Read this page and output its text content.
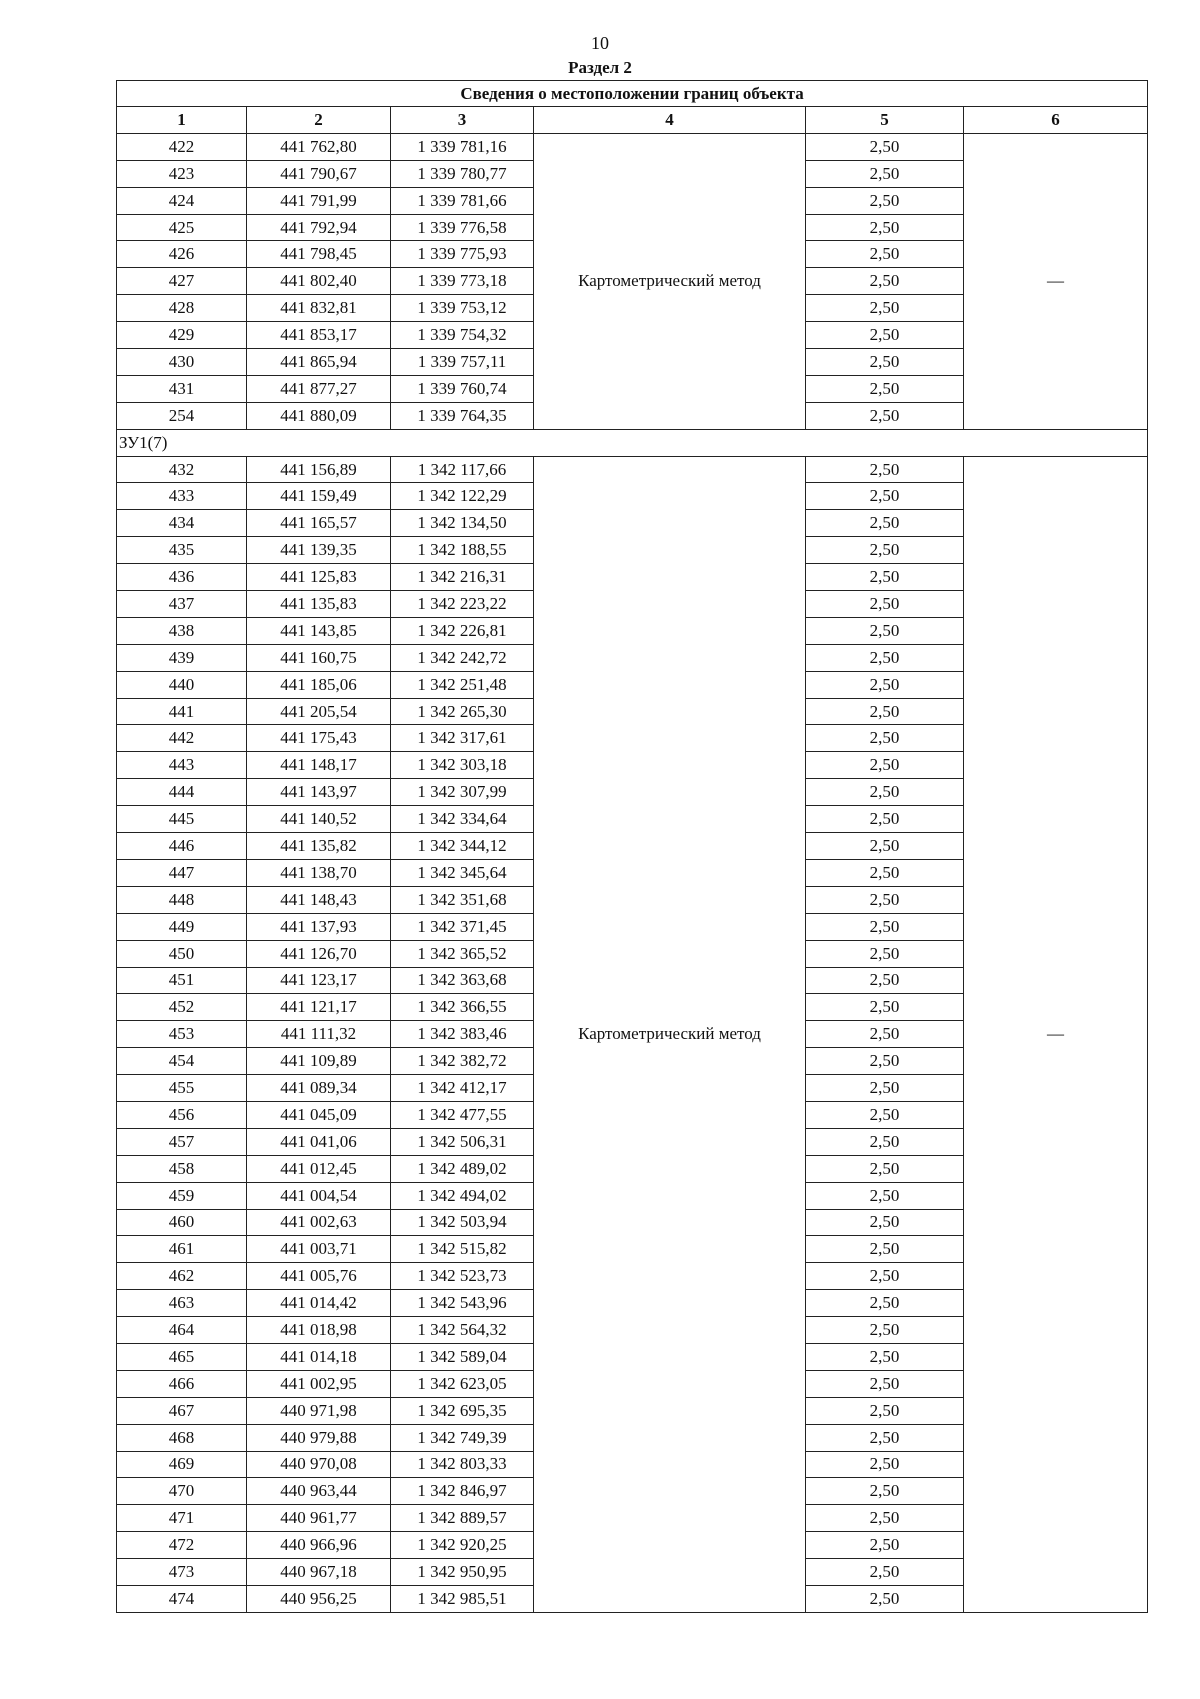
10
Раздел 2
Сведения о местоположении границ объекта					
1	2	3	4	5	6
422	441 762,80	1 339 781,16	Картометрический метод	2,50	—
423	441 790,67	1 339 780,77		2,50	
424	441 791,99	1 339 781,66		2,50	
425	441 792,94	1 339 776,58		2,50	
426	441 798,45	1 339 775,93		2,50	
427	441 802,40	1 339 773,18		2,50	
428	441 832,81	1 339 753,12		2,50	
429	441 853,17	1 339 754,32		2,50	
430	441 865,94	1 339 757,11		2,50	
431	441 877,27	1 339 760,74		2,50	
254	441 880,09	1 339 764,35		2,50	
ЗУ1(7)					
432	441 156,89	1 342 117,66	Картометрический метод	2,50	—
433	441 159,49	1 342 122,29		2,50	
434	441 165,57	1 342 134,50		2,50	
435	441 139,35	1 342 188,55		2,50	
436	441 125,83	1 342 216,31		2,50	
437	441 135,83	1 342 223,22		2,50	
438	441 143,85	1 342 226,81		2,50	
439	441 160,75	1 342 242,72		2,50	
440	441 185,06	1 342 251,48		2,50	
441	441 205,54	1 342 265,30		2,50	
442	441 175,43	1 342 317,61		2,50	
443	441 148,17	1 342 303,18		2,50	
444	441 143,97	1 342 307,99		2,50	
445	441 140,52	1 342 334,64		2,50	
446	441 135,82	1 342 344,12		2,50	
447	441 138,70	1 342 345,64		2,50	
448	441 148,43	1 342 351,68		2,50	
449	441 137,93	1 342 371,45		2,50	
450	441 126,70	1 342 365,52		2,50	
451	441 123,17	1 342 363,68		2,50	
452	441 121,17	1 342 366,55		2,50	
453	441 111,32	1 342 383,46		2,50	
454	441 109,89	1 342 382,72		2,50	
455	441 089,34	1 342 412,17		2,50	
456	441 045,09	1 342 477,55		2,50	
457	441 041,06	1 342 506,31		2,50	
458	441 012,45	1 342 489,02		2,50	
459	441 004,54	1 342 494,02		2,50	
460	441 002,63	1 342 503,94		2,50	
461	441 003,71	1 342 515,82		2,50	
462	441 005,76	1 342 523,73		2,50	
463	441 014,42	1 342 543,96		2,50	
464	441 018,98	1 342 564,32		2,50	
465	441 014,18	1 342 589,04		2,50	
466	441 002,95	1 342 623,05		2,50	
467	440 971,98	1 342 695,35		2,50	
468	440 979,88	1 342 749,39		2,50	
469	440 970,08	1 342 803,33		2,50	
470	440 963,44	1 342 846,97		2,50	
471	440 961,77	1 342 889,57		2,50	
472	440 966,96	1 342 920,25		2,50	
473	440 967,18	1 342 950,95		2,50	
474	440 956,25	1 342 985,51		2,50	
